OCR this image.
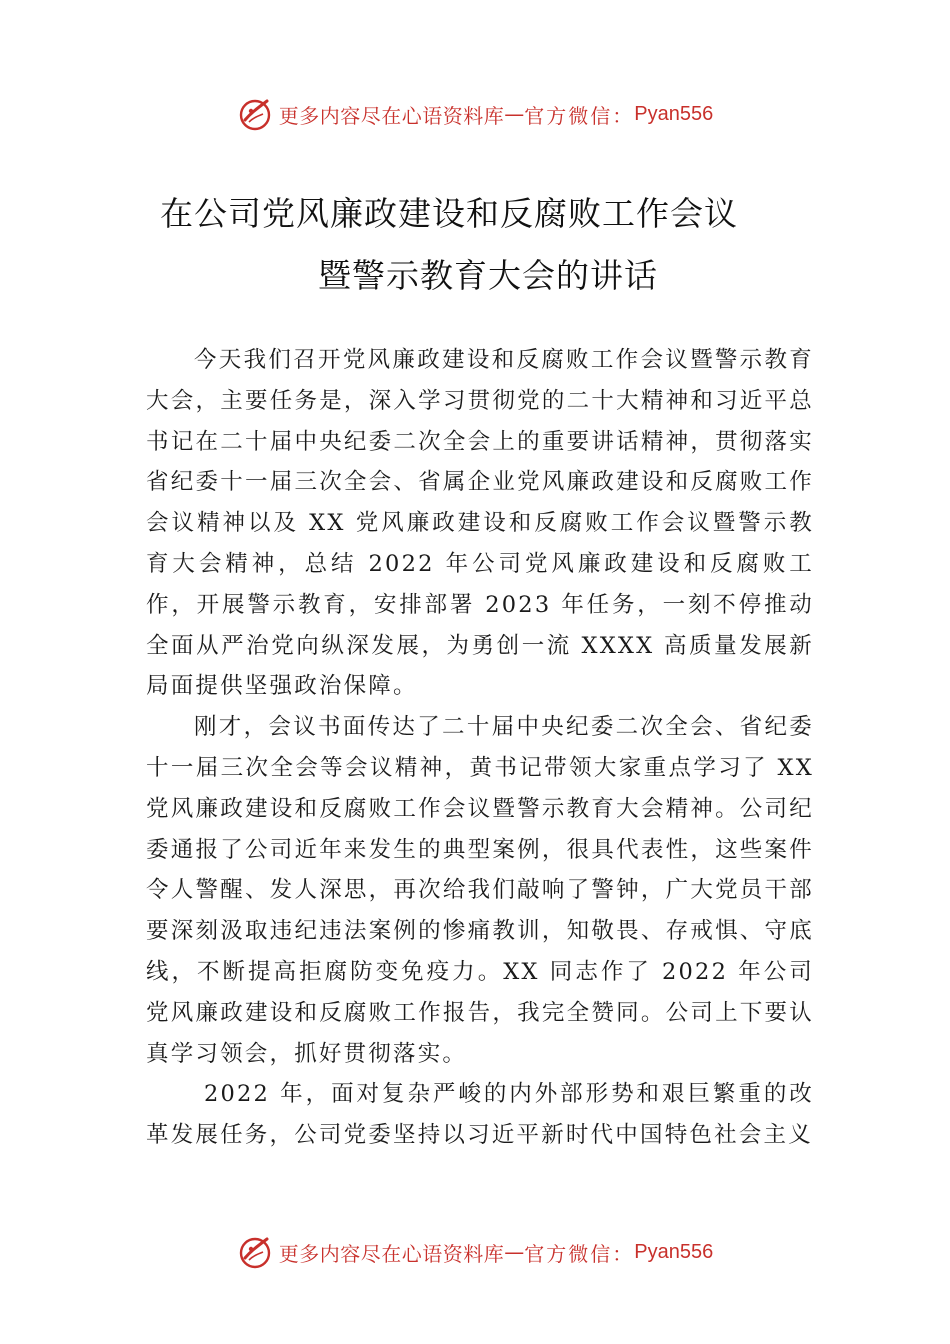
更多内容尽在心语资料库 — 官方微信： Pyan556
在公司党风廉政建设和反腐败工作会议
暨警示教育大会的讲话

今天我们召开党风廉政建设和反腐败工作会议暨警示教育大会，主要任务是，深入学习贯彻党的二十大精神和习近平总书记在二十届中央纪委二次全会上的重要讲话精神，贯彻落实省纪委十一届三次全会、省属企业党风廉政建设和反腐败工作会议精神以及 XX 党风廉政建设和反腐败工作会议暨警示教育大会精神，总结 2022 年公司党风廉政建设和反腐败工作，开展警示教育，安排部署 2023 年任务，一刻不停推动全面从严治党向纵深发展，为勇创一流 XXXX 高质量发展新局面提供坚强政治保障。

刚才，会议书面传达了二十届中央纪委二次全会、省纪委十一届三次全会等会议精神，黄书记带领大家重点学习了 XX 党风廉政建设和反腐败工作会议暨警示教育大会精神。公司纪委通报了公司近年来发生的典型案例，很具代表性，这些案件令人警醒、发人深思，再次给我们敲响了警钟，广大党员干部要深刻汲取违纪违法案例的惨痛教训，知敬畏、存戒惧、守底线，不断提高拒腐防变免疫力。XX 同志作了 2022 年公司党风廉政建设和反腐败工作报告，我完全赞同。公司上下要认真学习领会，抓好贯彻落实。

2022 年，面对复杂严峻的内外部形势和艰巨繁重的改革发展任务，公司党委坚持以习近平新时代中国特色社会主义

更多内容尽在心语资料库 — 官方微信： Pyan556
